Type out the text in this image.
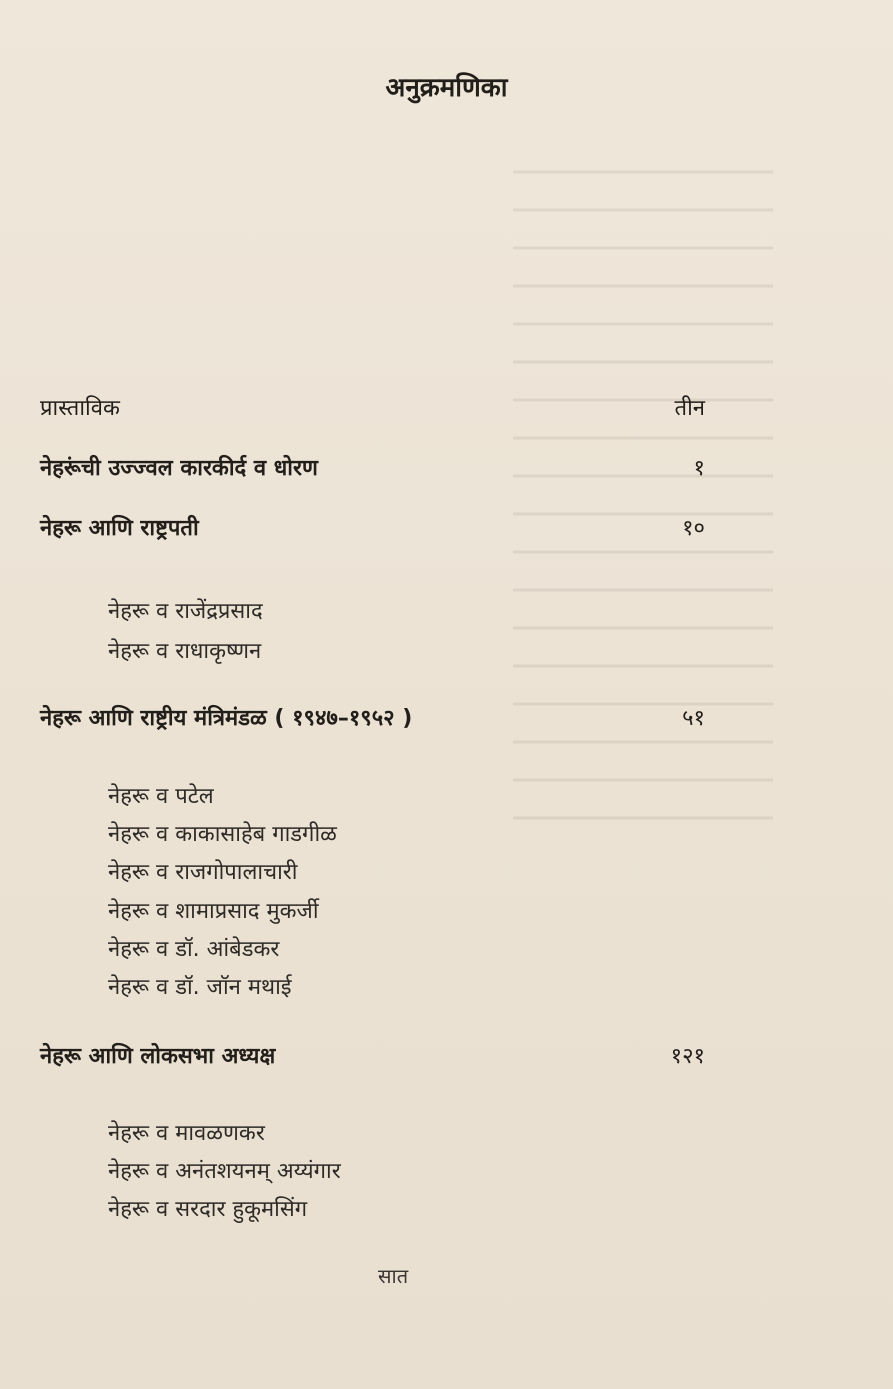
अनुक्रमणिका
प्रास्ताविक	तीन
नेहरूंची उज्ज्वल कारकीर्द व धोरण	१
नेहरू आणि राष्ट्रपती	१०
नेहरू व राजेंद्रप्रसाद
नेहरू व राधाकृष्णन
नेहरू आणि राष्ट्रीय मंत्रिमंडळ ( १९४७–१९५२ )	५१
नेहरू व पटेल
नेहरू व काकासाहेब गाडगीळ
नेहरू व राजगोपालाचारी
नेहरू व शामाप्रसाद मुकर्जी
नेहरू व डॉ. आंबेडकर
नेहरू व डॉ. जॉन मथाई
नेहरू आणि लोकसभा अध्यक्ष	१२१
नेहरू व मावळणकर
नेहरू व अनंतशयनम् अय्यंगार
नेहरू व सरदार हुकूमसिंग
सात
